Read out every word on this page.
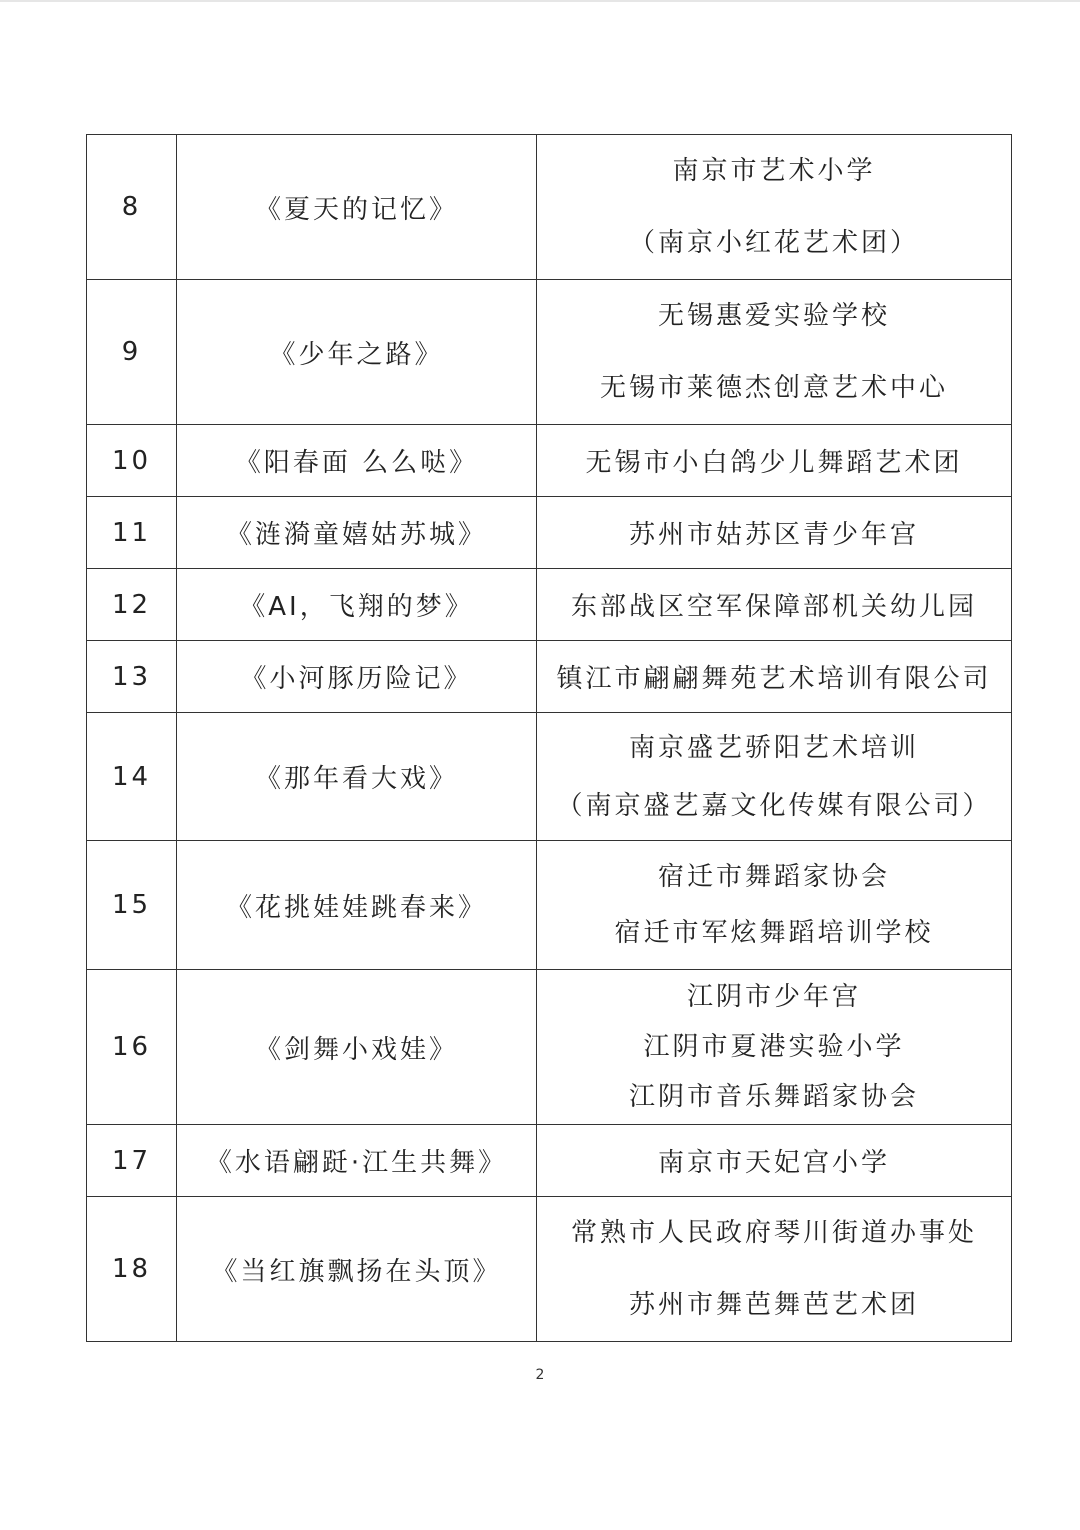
8	《夏天的记忆》	南京市艺术小学
（南京小红花艺术团）

9	《少年之路》	无锡惠爱实验学校
无锡市莱德杰创意艺术中心

10	《阳春面 么么哒》	无锡市小白鸽少儿舞蹈艺术团

11	《涟漪童嬉姑苏城》	苏州市姑苏区青少年宫

12	《AI，飞翔的梦》	东部战区空军保障部机关幼儿园

13	《小河豚历险记》	镇江市翩翩舞苑艺术培训有限公司

14	《那年看大戏》	南京盛艺骄阳艺术培训
（南京盛艺嘉文化传媒有限公司）

15	《花挑娃娃跳春来》	宿迁市舞蹈家协会
宿迁市军炫舞蹈培训学校

16	《剑舞小戏娃》	江阴市少年宫
江阴市夏港实验小学
江阴市音乐舞蹈家协会

17	《水语翩跹·江生共舞》	南京市天妃宫小学

18	《当红旗飘扬在头顶》	常熟市人民政府琴川街道办事处
苏州市舞芭舞芭艺术团
2
